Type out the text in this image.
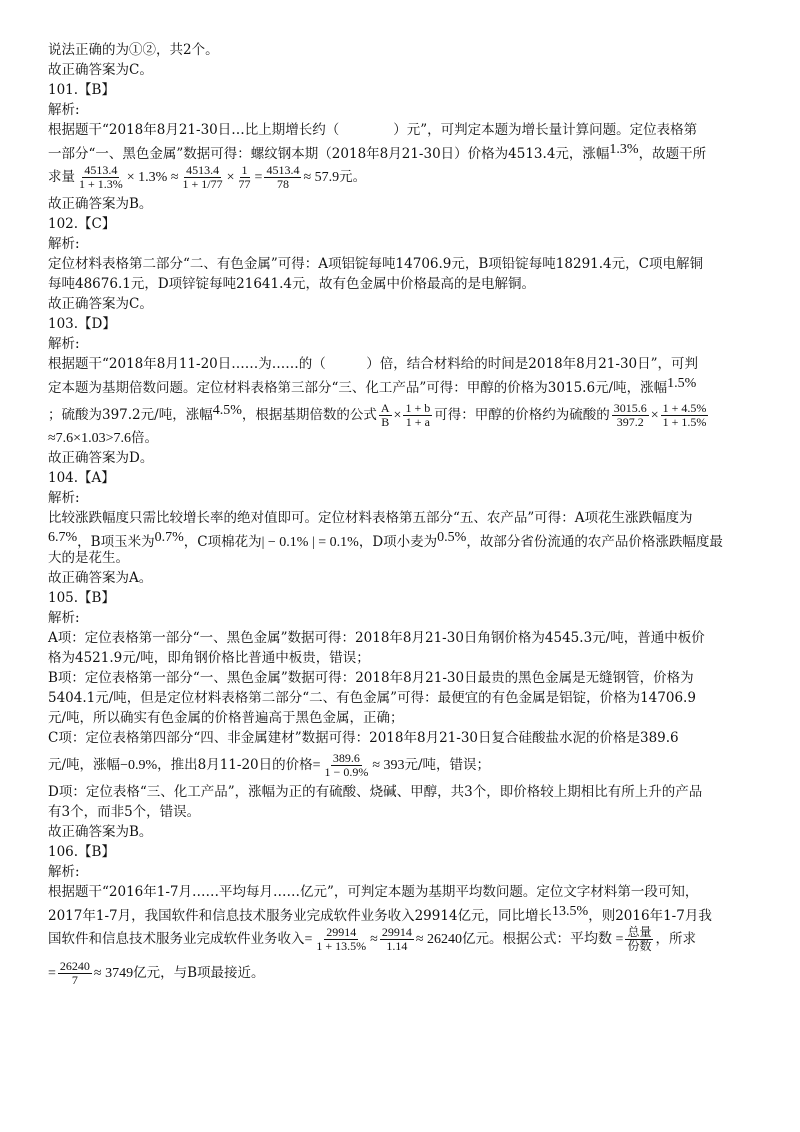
说法正确的为①②，共2个。
故正确答案为C。
101.【B】
解析:
根据题干“2018年8月21-30日…比上期增长约（　　　　）元”，可判定本题为增长量计算问题。定位表格第
一部分“一、黑色金属”数据可得：螺纹钢本期（2018年8月21-30日）价格为4513.4元，涨幅1.3%，故题干所
求量 $\frac{4513.4}{1 + 1.3\%} \times 1.3\% \approx \frac{4513.4}{1 + 1/77} \times \frac{1}{77} = \frac{4513.4}{78} \approx 57.9$元。
故正确答案为B。
102.【C】
解析:
定位材料表格第二部分“二、有色金属”可得：A项铝锭每吨14706.9元，B项铅锭每吨18291.4元，C项电解铜
每吨48676.1元，D项锌锭每吨21641.4元，故有色金属中价格最高的是电解铜。
故正确答案为C。
103.【D】
解析:
根据题干“2018年8月11-20日……为……的（　　　）倍，结合材料给的时间是2018年8月21-30日”，可判
定本题为基期倍数问题。定位材料表格第三部分“三、化工产品”可得：甲醇的价格为3015.6元/吨，涨幅1.5%
；硫酸为397.2元/吨，涨幅4.5%，根据基期倍数的公式 $\frac{A}{B} \times \frac{1 + b}{1 + a}$ 可得：甲醇的价格约为硫酸的 $\frac{3015.6}{397.2} \times \frac{1 + 4.5\%}{1 + 1.5\%}$
≈7.6×1.03>7.6倍。
故正确答案为D。
104.【A】
解析:
比较涨跌幅度只需比较增长率的绝对值即可。定位材料表格第五部分“五、农产品”可得：A项花生涨跌幅度为
6.7%，B项玉米为0.7%，C项棉花为| − 0.1% | = 0.1%，D项小麦为0.5%，故部分省份流通的农产品价格涨跌幅度最
大的是花生。
故正确答案为A。
105.【B】
解析:
A项：定位表格第一部分“一、黑色金属”数据可得：2018年8月21-30日角钢价格为4545.3元/吨，普通中板价
格为4521.9元/吨，即角钢价格比普通中板贵，错误；
B项：定位表格第一部分“一、黑色金属”数据可得：2018年8月21-30日最贵的黑色金属是无缝钢管，价格为
5404.1元/吨，但是定位材料表格第二部分“二、有色金属”可得：最便宜的有色金属是铝锭，价格为14706.9
元/吨，所以确实有色金属的价格普遍高于黑色金属，正确；
C项：定位表格第四部分“四、非金属建材”数据可得：2018年8月21-30日复合硅酸盐水泥的价格是389.6
元/吨，涨幅−0.9%，推出8月11-20日的价格= $\frac{389.6}{1 - 0.9\%} \approx 393$元/吨，错误；
D项：定位表格“三、化工产品”，涨幅为正的有硫酸、烧碱、甲醇，共3个，即价格较上期相比有所上升的产品
有3个，而非5个，错误。
故正确答案为B。
106.【B】
解析:
根据题干“2016年1-7月……平均每月……亿元”，可判定本题为基期平均数问题。定位文字材料第一段可知，
2017年1-7月，我国软件和信息技术服务业完成软件业务收入29914亿元，同比增长13.5%，则2016年1-7月我
国软件和信息技术服务业完成软件业务收入= $\frac{29914}{1 + 13.5\%} \approx \frac{29914}{1.14} \approx 26240$亿元。根据公式：平均数 = $\frac{\text{总量}}{\text{份数}}$ ，所求
= $\frac{26240}{7} \approx 3749$亿元，与B项最接近。
